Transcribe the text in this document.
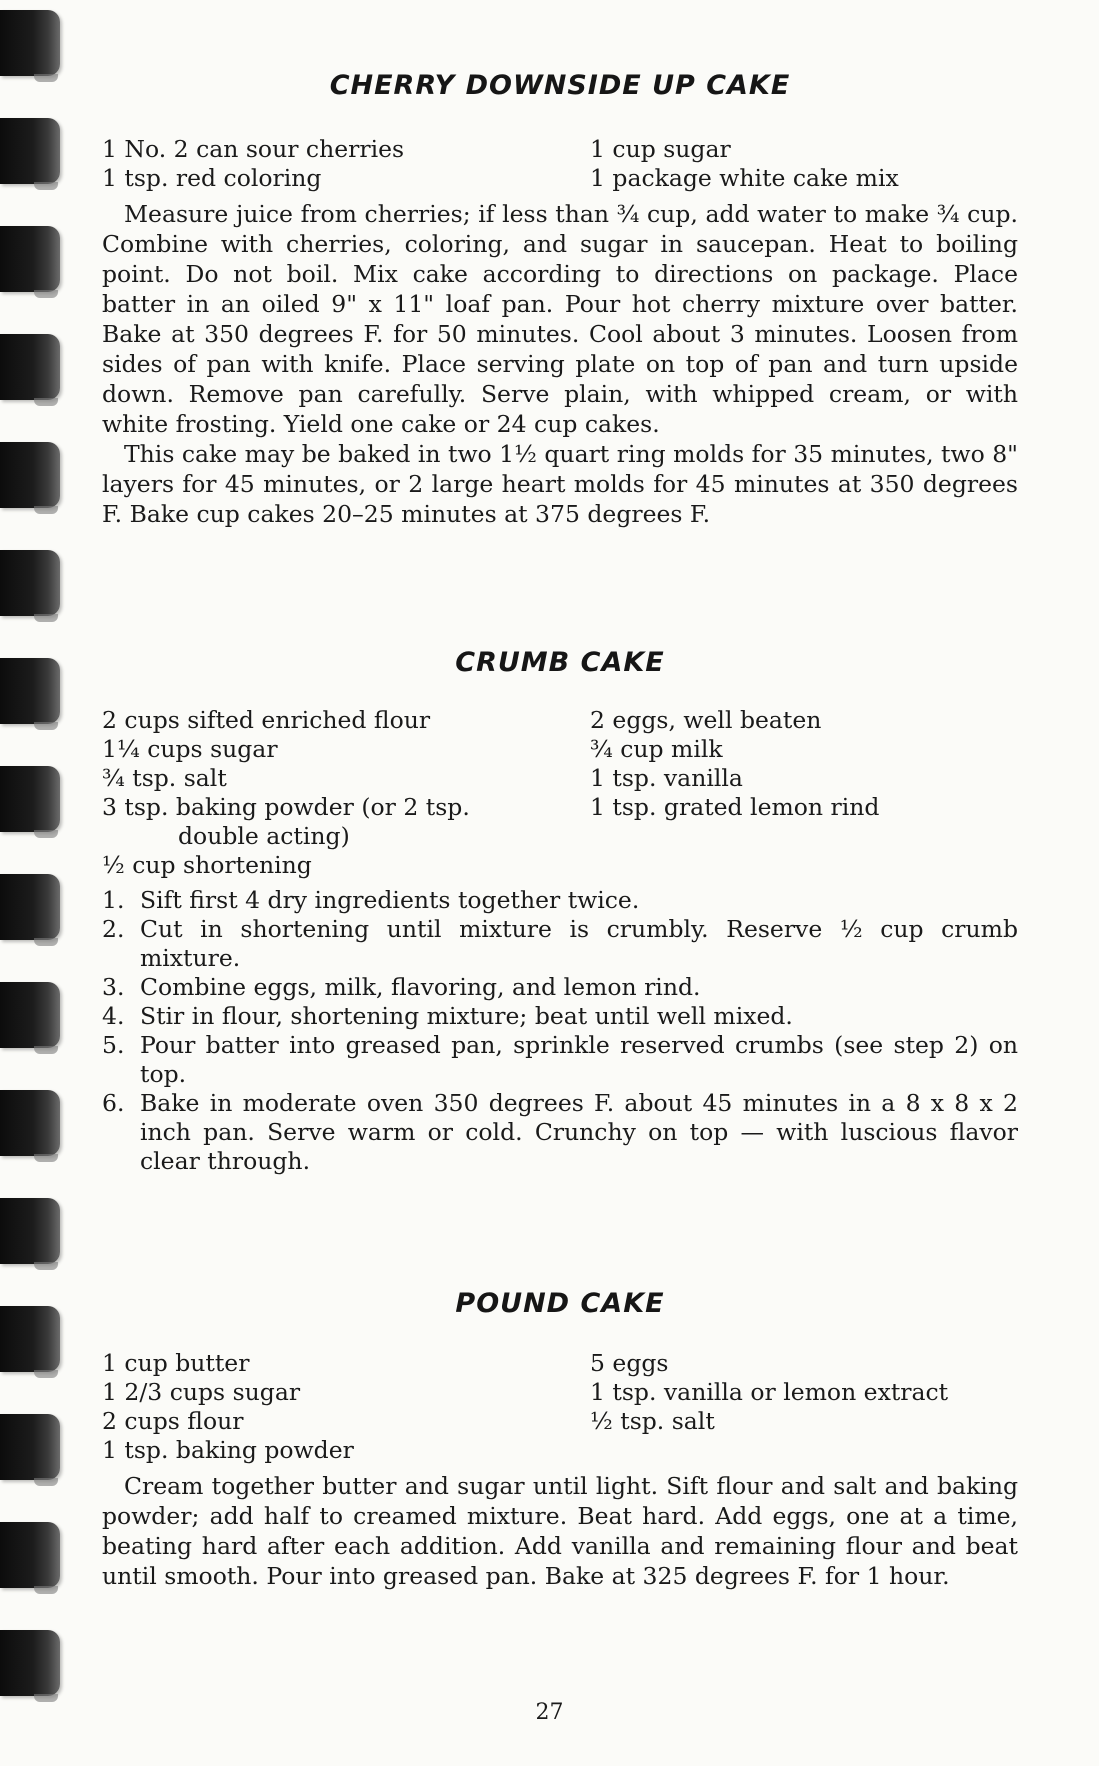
CHERRY DOWNSIDE UP CAKE
1 No. 2 can sour cherries
1 tsp. red coloring
1 cup sugar
1 package white cake mix

Measure juice from cherries; if less than ¾ cup, add water to make ¾ cup. Combine with cherries, coloring, and sugar in saucepan. Heat to boiling point. Do not boil. Mix cake according to directions on package. Place batter in an oiled 9" x 11" loaf pan. Pour hot cherry mixture over batter. Bake at 350 degrees F. for 50 minutes. Cool about 3 minutes. Loosen from sides of pan with knife. Place serving plate on top of pan and turn upside down. Remove pan carefully. Serve plain, with whipped cream, or with white frosting. Yield one cake or 24 cup cakes.

This cake may be baked in two 1½ quart ring molds for 35 minutes, two 8" layers for 45 minutes, or 2 large heart molds for 45 minutes at 350 degrees F. Bake cup cakes 20–25 minutes at 375 degrees F.

CRUMB CAKE
2 cups sifted enriched flour
1¼ cups sugar
¾ tsp. salt
3 tsp. baking powder (or 2 tsp.
double acting)
½ cup shortening
2 eggs, well beaten
¾ cup milk
1 tsp. vanilla
1 tsp. grated lemon rind
1. Sift first 4 dry ingredients together twice.
2. Cut in shortening until mixture is crumbly. Reserve ½ cup crumb mixture.
3. Combine eggs, milk, flavoring, and lemon rind.
4. Stir in flour, shortening mixture; beat until well mixed.
5. Pour batter into greased pan, sprinkle reserved crumbs (see step 2) on top.
6. Bake in moderate oven 350 degrees F. about 45 minutes in a 8 x 8 x 2 inch pan. Serve warm or cold. Crunchy on top — with luscious flavor clear through.
POUND CAKE
1 cup butter
1 2/3 cups sugar
2 cups flour
1 tsp. baking powder
5 eggs
1 tsp. vanilla or lemon extract
½ tsp. salt

Cream together butter and sugar until light. Sift flour and salt and baking powder; add half to creamed mixture. Beat hard. Add eggs, one at a time, beating hard after each addition. Add vanilla and remaining flour and beat until smooth. Pour into greased pan. Bake at 325 degrees F. for 1 hour.

27
